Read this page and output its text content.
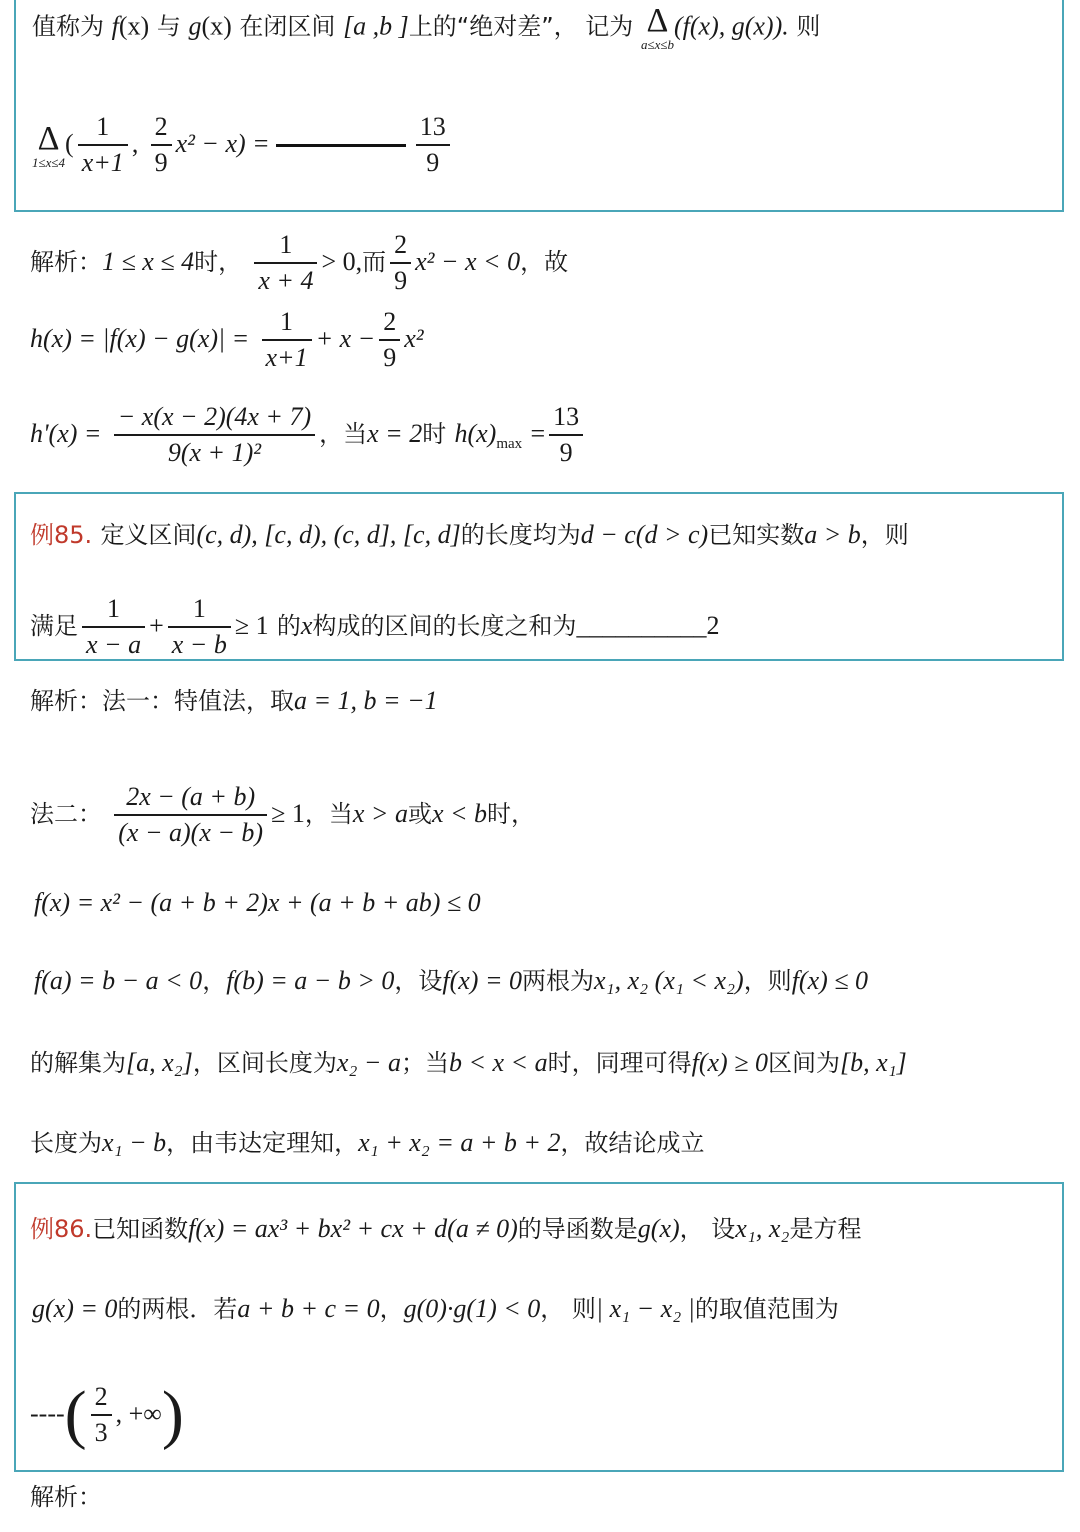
值称为 f(x) 与 g(x) 在闭区间 [a ,b ]上的“绝对差”， 记为 Δ
a≤x≤b
(f(x), g(x)). 则
Δ
1≤x≤4
( $\frac{1}{x+1}$ , $\frac{2}{9} x^2 - x$) =	$\frac{13}{9}$
解析：1 ≤ x ≤ 4时， $\frac{1}{x + 4} > 0$,而 $\frac{2}{9} x^2 - x < 0$，故
$h(x) = |f(x) - g(x)| = \frac{1}{x+1} + x - \frac{2}{9} x^2$
$h'(x) = \frac{- x(x - 2)(4x + 7)}{\text{9(x + 1)²}}$ ，当x = 2时 $h(x)_{max} = \frac{13}{9}$
例85. 定义区间(c, d), [c, d), (c, d], [c, d]的长度均为d − c(d > c)已知实数a > b，则
满足 $\frac{1}{x - a} + \frac{1}{x - b} \ge 1$ 的x构成的区间的长度之和为__________2
解析：法一：特值法，取a = 1, b = −1
法二： $\frac{2x - (a + b)}{(x - a)(x - b)} \ge 1$，当x > a或x < b时，
f(x) = x² − (a + b + 2)x + (a + b + ab) ≤ 0
f(a) = b − a < 0，f(b) = a − b > 0，设f(x) = 0两根为x₁, x₂ (x₁ < x₂)，则f(x) ≤ 0
的解集为[a, x₂]，区间长度为x₂ − a；当b < x < a时，同理可得f(x) ≥ 0区间为[b, x₁]
长度为x₁ − b，由韦达定理知，x₁ + x₂ = a + b + 2，故结论成立
例86.已知函数f(x) = ax³ + bx² + cx + d(a ≠ 0)的导函数是g(x)， 设x₁, x₂是方程
g(x) = 0的两根．若a + b + c = 0，g(0)·g(1) < 0， 则| x₁ − x₂ |的取值范围为
----( $\frac{2}{3}$ , +∞)
解析：
